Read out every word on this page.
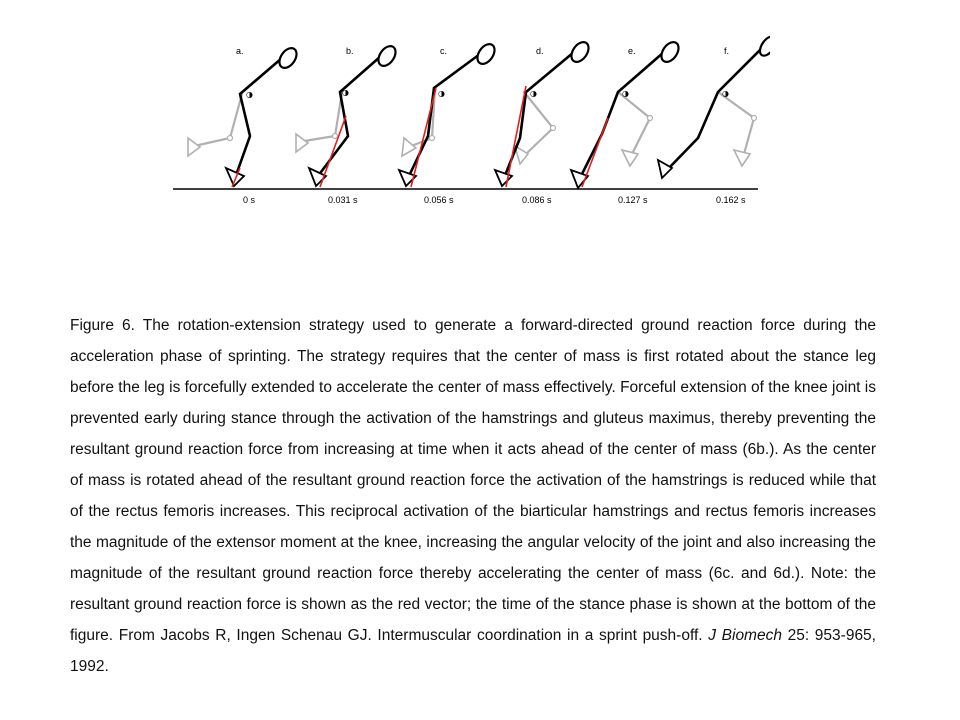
a.
◑
0 s
b.
◑
0.031 s
c.
◑
0.056 s
d.
◑
0.086 s
e.
◑
0.127 s
f.
◑
0.162 s

Figure 6. The rotation-extension strategy used to generate a forward-directed ground reaction force during the acceleration phase of sprinting. The strategy requires that the center of mass is first rotated about the stance leg before the leg is forcefully extended to accelerate the center of mass effectively. Forceful extension of the knee joint is prevented early during stance through the activation of the hamstrings and gluteus maximus, thereby preventing the resultant ground reaction force from increasing at time when it acts ahead of the center of mass (6b.). As the center of mass is rotated ahead of the resultant ground reaction force the activation of the hamstrings is reduced while that of the rectus femoris increases. This reciprocal activation of the biarticular hamstrings and rectus femoris increases the magnitude of the extensor moment at the knee, increasing the angular velocity of the joint and also increasing the magnitude of the resultant ground reaction force thereby accelerating the center of mass (6c. and 6d.). Note: the resultant ground reaction force is shown as the red vector; the time of the stance phase is shown at the bottom of the figure. From Jacobs R, Ingen Schenau GJ. Intermuscular coordination in a sprint push-off. J Biomech 25: 953-965, 1992.
